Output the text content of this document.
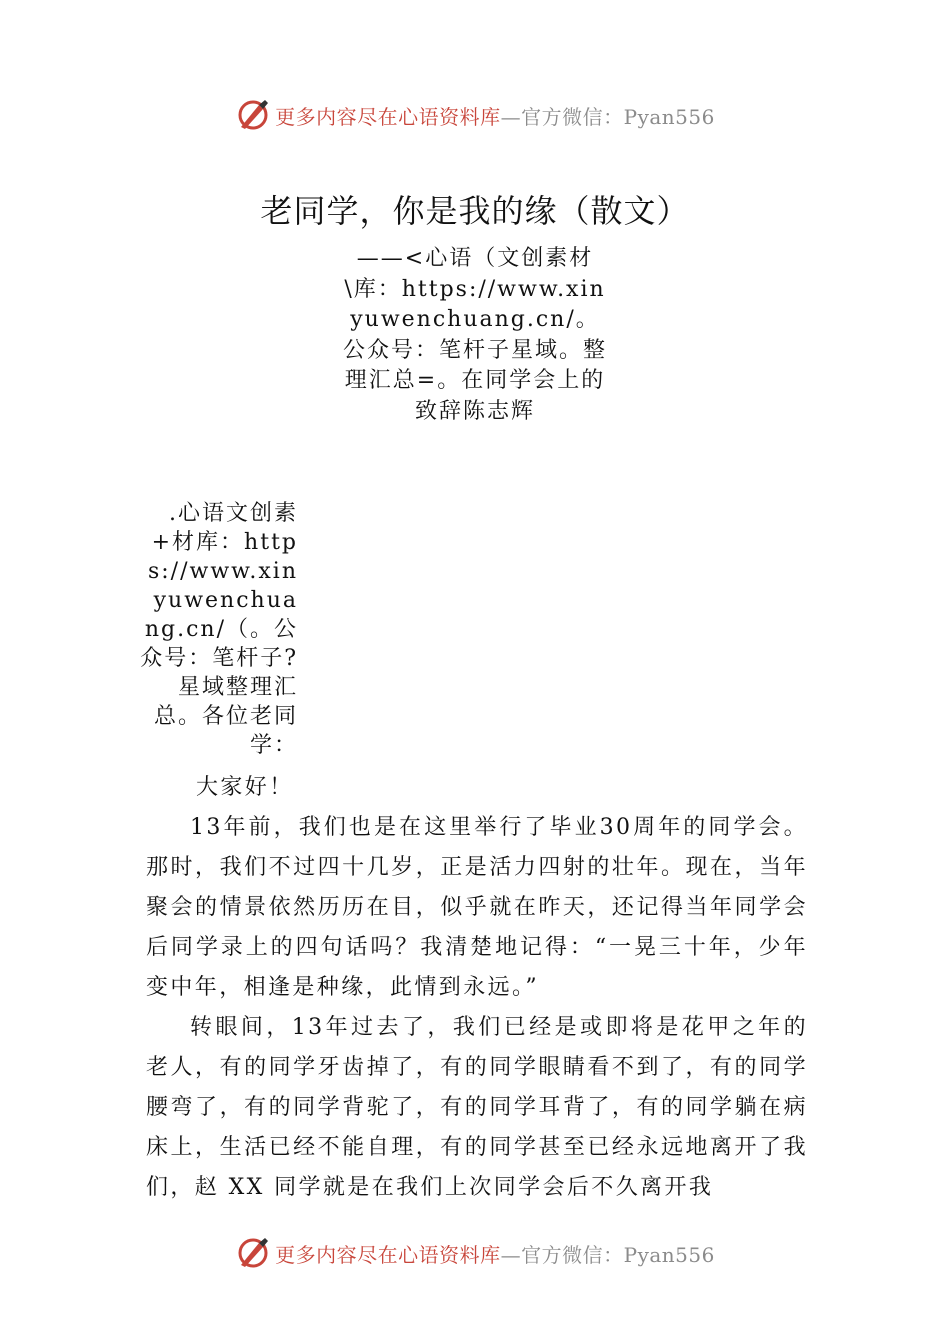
更多内容尽在心语资料库—官方微信：Pyan556
老同学，你是我的缘（散文）
——<心语（文创素材\库：https://www.xinyuwenchuang.cn/。公众号：笔杆子星域。整理汇总=。在同学会上的致辞陈志辉
.心语文创素+材库：https://www.xinyuwenchuang.cn/（。公众号：笔杆子?星域整理汇总。各位老同学：

大家好！

13年前，我们也是在这里举行了毕业30周年的同学会。那时，我们不过四十几岁，正是活力四射的壮年。现在，当年聚会的情景依然历历在目，似乎就在昨天，还记得当年同学会后同学录上的四句话吗？我清楚地记得：“一晃三十年，少年变中年，相逢是种缘，此情到永远。”

转眼间，13年过去了，我们已经是或即将是花甲之年的老人，有的同学牙齿掉了，有的同学眼睛看不到了，有的同学腰弯了，有的同学背驼了，有的同学耳背了，有的同学躺在病床上，生活已经不能自理，有的同学甚至已经永远地离开了我们，赵 XX 同学就是在我们上次同学会后不久离开我

更多内容尽在心语资料库—官方微信：Pyan556
